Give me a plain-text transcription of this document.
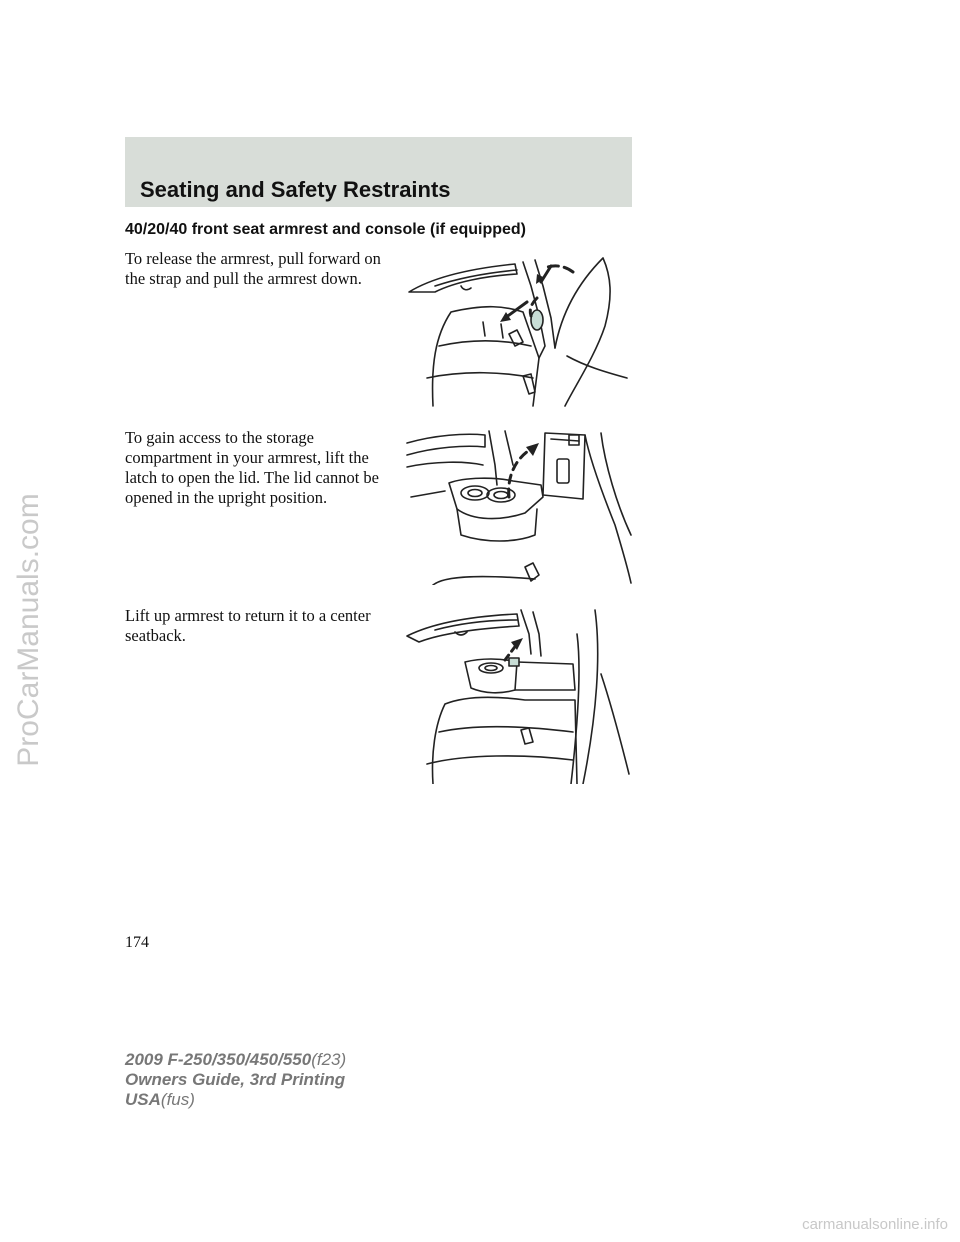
ProCarManuals.com
Seating and Safety Restraints
40/20/40 front seat armrest and console (if equipped)
To release the armrest, pull forward on the strap and pull the armrest down.
To gain access to the storage compartment in your armrest, lift the latch to open the lid. The lid cannot be opened in the upright position.
Lift up armrest to return it to a center seatback.
174
2009 F-250/350/450/550(f23)
Owners Guide, 3rd Printing
USA(fus)
carmanualsonline.info
